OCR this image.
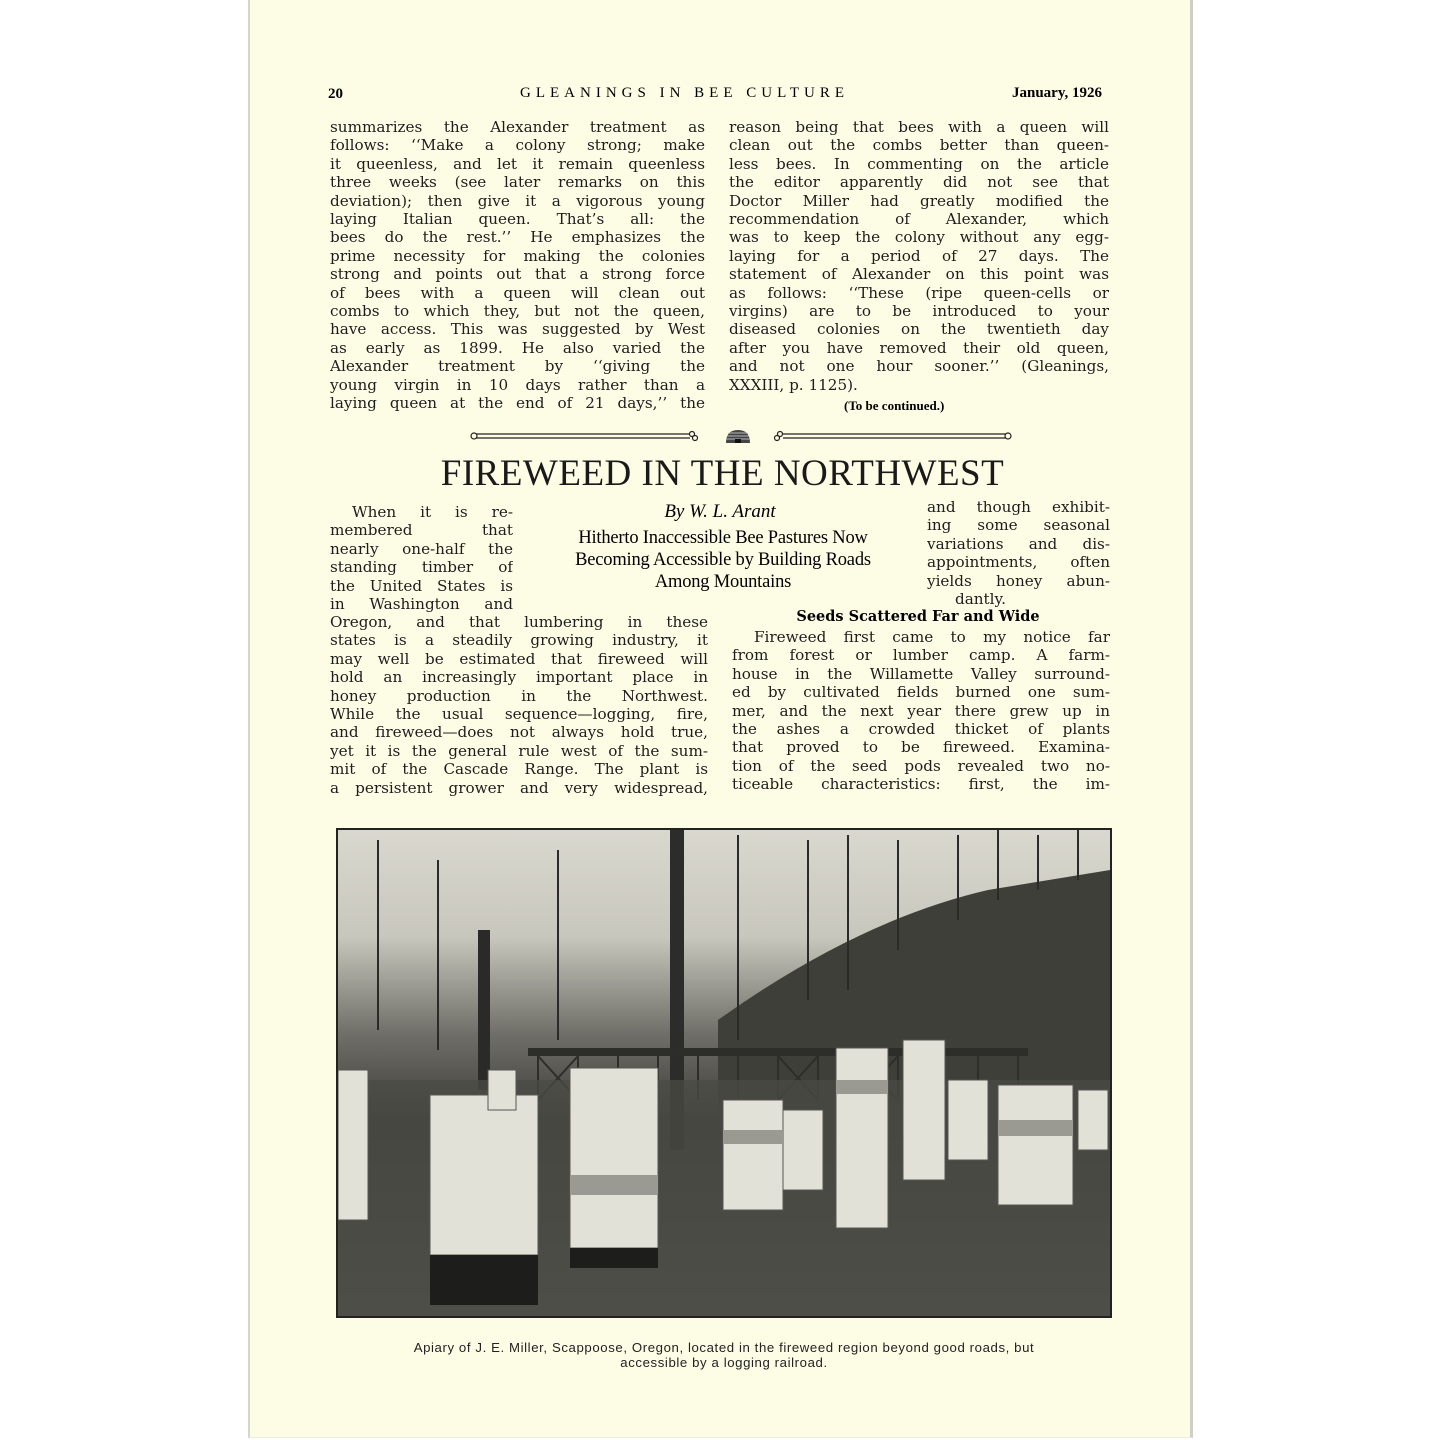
20	GLEANINGS IN BEE CULTURE	January, 1926
summarizes the Alexander treatment as
follows: ‘‘Make a colony strong; make
it queenless, and let it remain queenless
three weeks (see later remarks on this
deviation); then give it a vigorous young
laying Italian queen. That’s all: the
bees do the rest.’’ He emphasizes the
prime necessity for making the colonies
strong and points out that a strong force
of bees with a queen will clean out
combs to which they, but not the queen,
have access. This was suggested by West
as early as 1899. He also varied the
Alexander treatment by ‘‘giving the
young virgin in 10 days rather than a
laying queen at the end of 21 days,’’ the
reason being that bees with a queen will
clean out the combs better than queen-
less bees. In commenting on the article
the editor apparently did not see that
Doctor Miller had greatly modified the
recommendation of Alexander, which
was to keep the colony without any egg-
laying for a period of 27 days. The
statement of Alexander on this point was
as follows: ‘‘These (ripe queen-cells or
virgins) are to be introduced to your
diseased colonies on the twentieth day
after you have removed their old queen,
and not one hour sooner.’’ (Gleanings,
XXXIII, p. 1125).
(To be continued.)
FIREWEED IN THE NORTHWEST
By W. L. Arant
Hitherto Inaccessible Bee Pastures Now
Becoming Accessible by Building Roads
Among Mountains
When it is re-
membered that
nearly one-half the
standing timber of
the United States is
in Washington and
Oregon, and that lumbering in these
states is a steadily growing industry, it
may well be estimated that fireweed will
hold an increasingly important place in
honey production in the Northwest.
While the usual sequence—logging, fire,
and fireweed—does not always hold true,
yet it is the general rule west of the sum-
mit of the Cascade Range. The plant is
a persistent grower and very widespread,
and though exhibit-
ing some seasonal
variations and dis-
appointments, often
yields honey abun-
dantly.
Seeds Scattered Far and Wide
Fireweed first came to my notice far
from forest or lumber camp. A farm-
house in the Willamette Valley surround-
ed by cultivated fields burned one sum-
mer, and the next year there grew up in
the ashes a crowded thicket of plants
that proved to be fireweed. Examina-
tion of the seed pods revealed two no-
ticeable characteristics: first, the im-
Apiary of J. E. Miller, Scappoose, Oregon, located in the fireweed region beyond good roads, but
accessible by a logging railroad.
